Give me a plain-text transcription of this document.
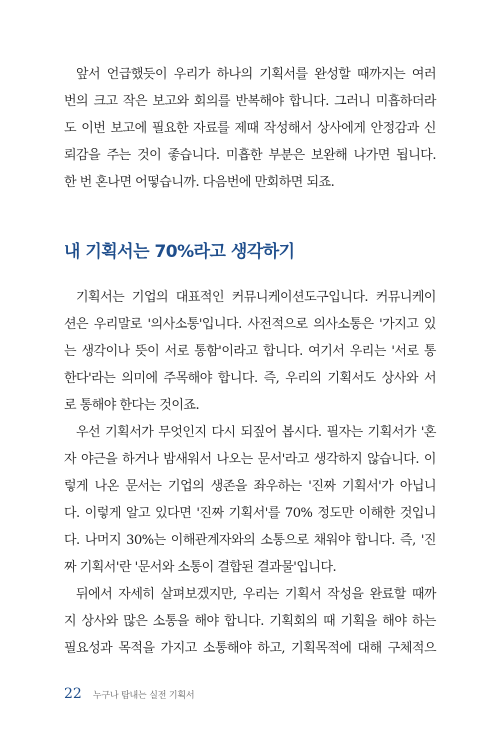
앞서 언급했듯이 우리가 하나의 기획서를 완성할 때까지는 여러
번의 크고 작은 보고와 회의를 반복해야 합니다. 그러니 미흡하더라
도 이번 보고에 필요한 자료를 제때 작성해서 상사에게 안정감과 신
뢰감을 주는 것이 좋습니다. 미흡한 부분은 보완해 나가면 됩니다.
한 번 혼나면 어떻습니까. 다음번에 만회하면 되죠.
내 기획서는 70%라고 생각하기
기획서는 기업의 대표적인 커뮤니케이션도구입니다. 커뮤니케이
션은 우리말로 '의사소통'입니다. 사전적으로 의사소통은 '가지고 있
는 생각이나 뜻이 서로 통함'이라고 합니다. 여기서 우리는 '서로 통
한다'라는 의미에 주목해야 합니다. 즉, 우리의 기획서도 상사와 서
로 통해야 한다는 것이죠.
우선 기획서가 무엇인지 다시 되짚어 봅시다. 필자는 기획서가 '혼
자 야근을 하거나 밤새워서 나오는 문서'라고 생각하지 않습니다. 이
렇게 나온 문서는 기업의 생존을 좌우하는 '진짜 기획서'가 아닙니
다. 이렇게 알고 있다면 '진짜 기획서'를 70% 정도만 이해한 것입니
다. 나머지 30%는 이해관계자와의 소통으로 채워야 합니다. 즉, '진
짜 기획서'란 '문서와 소통이 결합된 결과물'입니다.
뒤에서 자세히 살펴보겠지만, 우리는 기획서 작성을 완료할 때까
지 상사와 많은 소통을 해야 합니다. 기획회의 때 기획을 해야 하는
필요성과 목적을 가지고 소통해야 하고, 기획목적에 대해 구체적으
22 누구나 탐내는 실전 기획서
